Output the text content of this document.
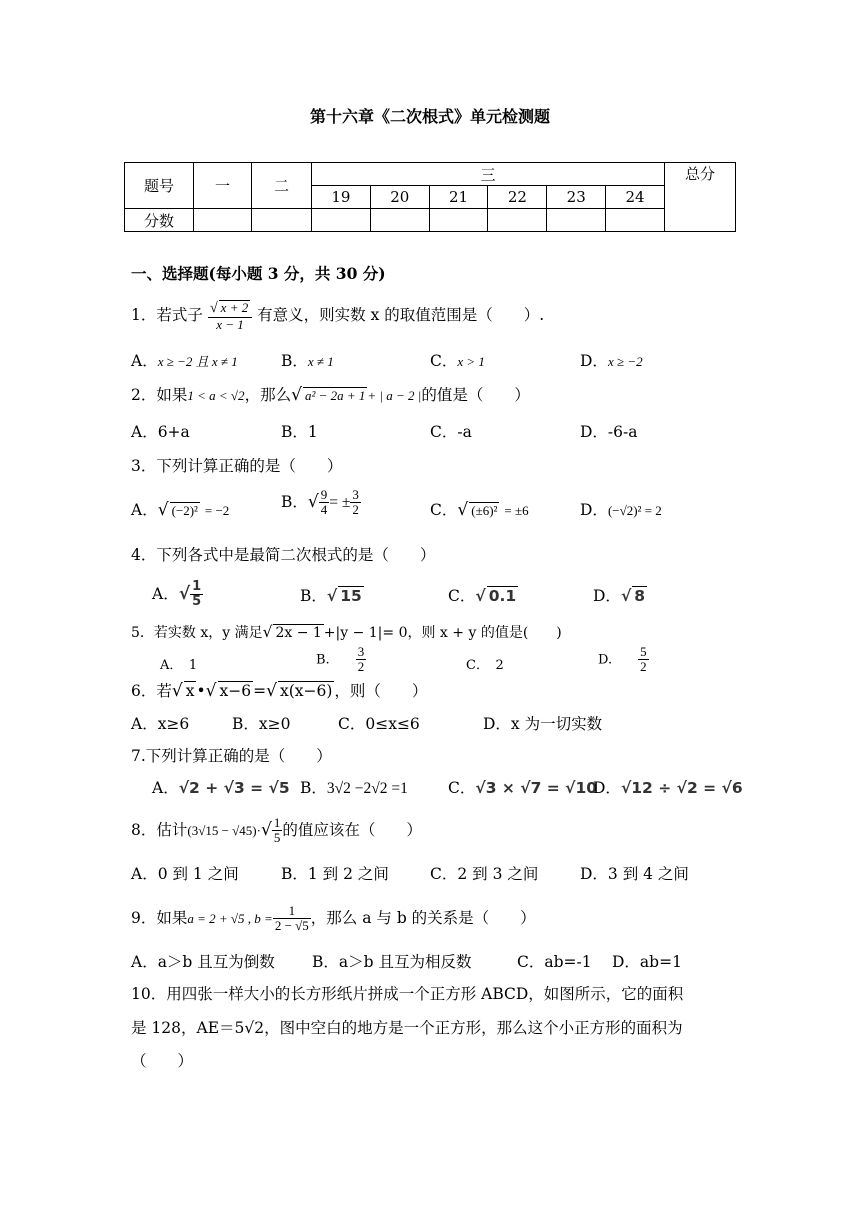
第十六章《二次根式》单元检测题
题号	一	二	三						总分
			19	20	21	22	23	24	
分数									
一、选择题(每小题 3 分，共 30 分)
1．若式子 $\frac{√ x + 2}{x - 1}$ 有意义，则实数 x 的取值范围是（　　）.
A．x ≥ −2 且 x ≠ 1	B．x ≠ 1	C．x > 1	D．x ≥ −2
2．如果1 < a < √2，那么√ a² − 2a + 1 + | a − 2 |的值是（　　）
A．6+a	B．1	C．-a	D．-6-a
3．下列计算正确的是（　　）
A．√ (−2)² = −2	B．√ $\frac{9}{4}$ = ± $\frac{3}{2}$	C．√ (±6)² = ±6	D．(−√2)² = 2
4．下列各式中是最简二次根式的是（　　）
A．√ $\frac{1}{5}$	B．√ 15	C．√ 0.1	D．√ 8
5．若实数 x，y 满足√ 2x − 1 +|y − 1|= 0，则 x + y 的值是(　　)
A．　 1	B.　　 $\frac{3}{2}$	C．　 2	D.　　 $\frac{5}{2}$
6．若√ x •√ x−6 =√ x(x−6) ，则（　　）
A．x≥6	B．x≥0	C．0≤x≤6	D．x 为一切实数
7.下列计算正确的是（　　）
A．√2 + √3 = √5 B．3√2 −2√2 =1	C．√3 × √7 = √10
D．√12 ÷ √2 = √6
8．估计$(3√15 - √45)\cdot√ \frac{1}{5}$ 的值应该在（　　）
A．0 到 1 之间	B．1 到 2 之间	C．2 到 3 之间	D．3 到 4 之间
9．如果a = 2 + √5 , $b = \frac{1}{2 - √5}$ ，那么 a 与 b 的关系是（　　）
A．a＞b 且互为倒数 B．a＞b 且互为相反数	C．ab=-1 D．ab=1
10．用四张一样大小的长方形纸片拼成一个正方形 ABCD，如图所示，它的面积
是 128，AE＝5√2，图中空白的地方是一个正方形，那么这个小正方形的面积为
（　　）
